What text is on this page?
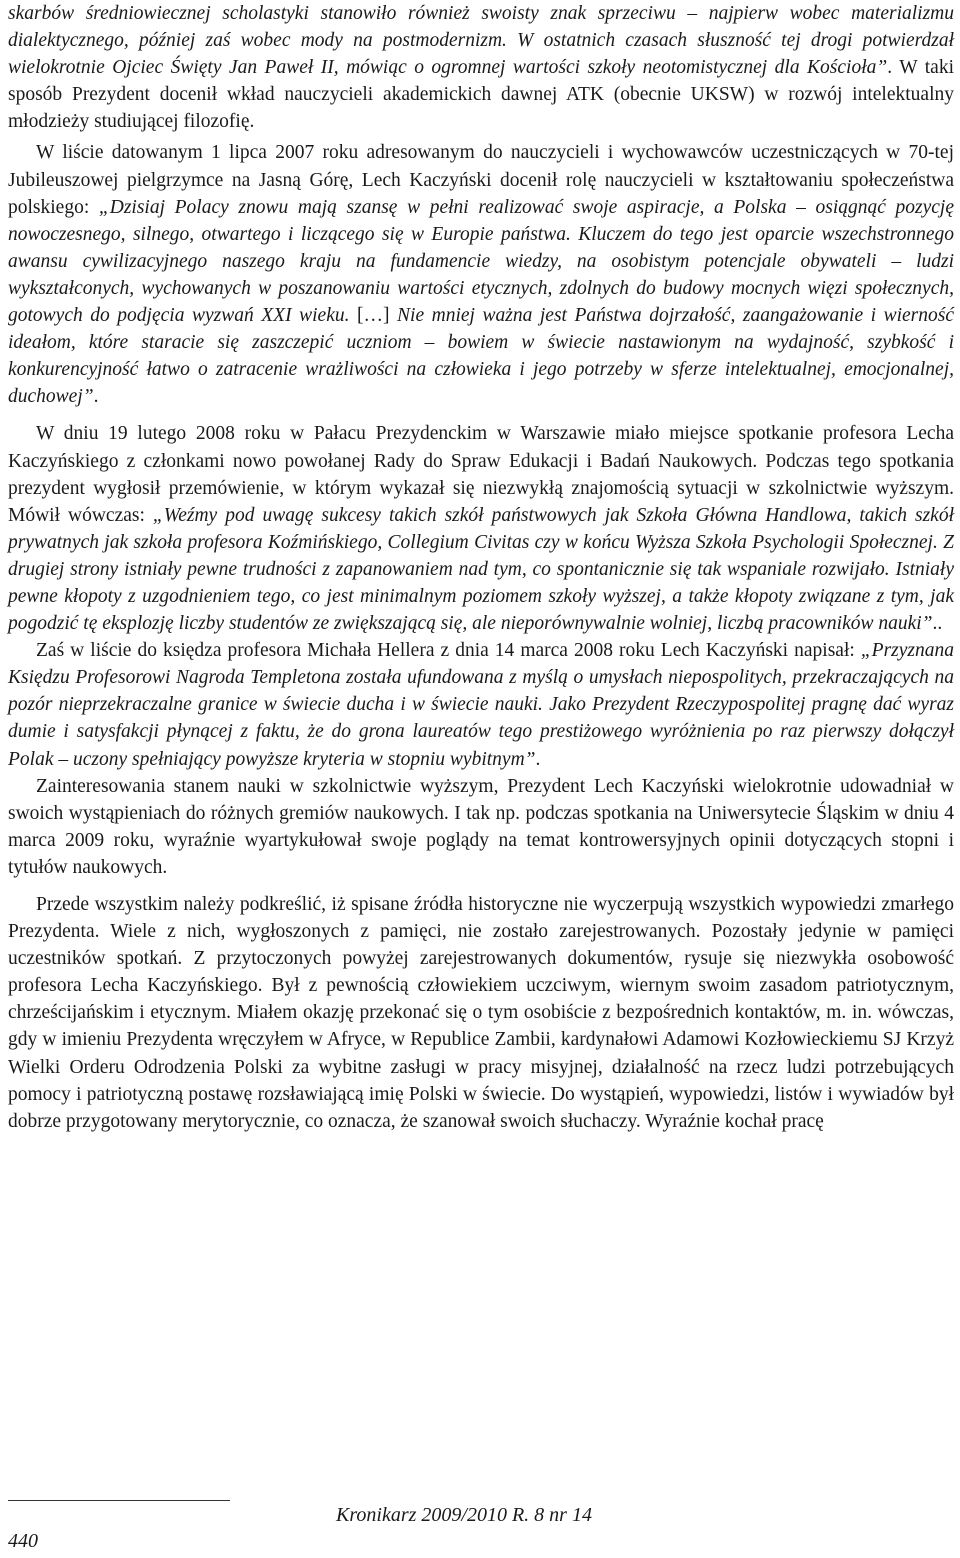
skarbów średniowiecznej scholastyki stanowiło również swoisty znak sprzeciwu – najpierw wobec materializmu dialektycznego, później zaś wobec mody na postmodernizm. W ostatnich czasach słuszność tej drogi potwierdzał wielokrotnie Ojciec Święty Jan Paweł II, mówiąc o ogromnej wartości szkoły neotomistycznej dla Kościoła”. W taki sposób Prezydent docenił wkład nauczycieli akademickich dawnej ATK (obecnie UKSW) w rozwój intelektualny młodzieży studiującej filozofię.

W liście datowanym 1 lipca 2007 roku adresowanym do nauczycieli i wychowawców uczestniczących w 70-tej Jubileuszowej pielgrzymce na Jasną Górę, Lech Kaczyński docenił rolę nauczycieli w kształtowaniu społeczeństwa polskiego: „Dzisiaj Polacy znowu mają szansę w pełni realizować swoje aspiracje, a Polska – osiągnąć pozycję nowoczesnego, silnego, otwartego i liczącego się w Europie państwa. Kluczem do tego jest oparcie wszechstronnego awansu cywilizacyjnego naszego kraju na fundamencie wiedzy, na osobistym potencjale obywateli – ludzi wykształconych, wychowanych w poszanowaniu wartości etycznych, zdolnych do budowy mocnych więzi społecznych, gotowych do podjęcia wyzwań XXI wieku. […] Nie mniej ważna jest Państwa dojrzałość, zaangażowanie i wierność ideałom, które staracie się zaszczepić uczniom – bowiem w świecie nastawionym na wydajność, szybkość i konkurencyjność łatwo o zatracenie wrażliwości na człowieka i jego potrzeby w sferze intelektualnej, emocjonalnej, duchowej”.

W dniu 19 lutego 2008 roku w Pałacu Prezydenckim w Warszawie miało miejsce spotkanie profesora Lecha Kaczyńskiego z członkami nowo powołanej Rady do Spraw Edukacji i Badań Naukowych. Podczas tego spotkania prezydent wygłosił przemówienie, w którym wykazał się niezwykłą znajomością sytuacji w szkolnictwie wyższym. Mówił wówczas: „Weźmy pod uwagę sukcesy takich szkół państwowych jak Szkoła Główna Handlowa, takich szkół prywatnych jak szkoła profesora Koźmińskiego, Collegium Civitas czy w końcu Wyższa Szkoła Psychologii Społecznej. Z drugiej strony istniały pewne trudności z zapanowaniem nad tym, co spontanicznie się tak wspaniale rozwijało. Istniały pewne kłopoty z uzgodnieniem tego, co jest minimalnym poziomem szkoły wyższej, a także kłopoty związane z tym, jak pogodzić tę eksplozję liczby studentów ze zwiększającą się, ale nieporównywalnie wolniej, liczbą pracowników nauki”..

Zaś w liście do księdza profesora Michała Hellera z dnia 14 marca 2008 roku Lech Kaczyński napisał: „Przyznana Księdzu Profesorowi Nagroda Templetona została ufundowana z myślą o umysłach niepospolitych, przekraczających na pozór nieprzekraczalne granice w świecie ducha i w świecie nauki. Jako Prezydent Rzeczypospolitej pragnę dać wyraz dumie i satysfakcji płynącej z faktu, że do grona laureatów tego prestiżowego wyróżnienia po raz pierwszy dołączył Polak – uczony spełniający powyższe kryteria w stopniu wybitnym”.

Zainteresowania stanem nauki w szkolnictwie wyższym, Prezydent Lech Kaczyński wielokrotnie udowadniał w swoich wystąpieniach do różnych gremiów naukowych. I tak np. podczas spotkania na Uniwersytecie Śląskim w dniu 4 marca 2009 roku, wyraźnie wyartykułował swoje poglądy na temat kontrowersyjnych opinii dotyczących stopni i tytułów naukowych.

Przede wszystkim należy podkreślić, iż spisane źródła historyczne nie wyczerpują wszystkich wypowiedzi zmarłego Prezydenta. Wiele z nich, wygłoszonych z pamięci, nie zostało zarejestrowanych. Pozostały jedynie w pamięci uczestników spotkań. Z przytoczonych powyżej zarejestrowanych dokumentów, rysuje się niezwykła osobowość profesora Lecha Kaczyńskiego. Był z pewnością człowiekiem uczciwym, wiernym swoim zasadom patriotycznym, chrześcijańskim i etycznym. Miałem okazję przekonać się o tym osobiście z bezpośrednich kontaktów, m. in. wówczas, gdy w imieniu Prezydenta wręczyłem w Afryce, w Republice Zambii, kardynałowi Adamowi Kozłowieckiemu SJ Krzyż Wielki Orderu Odrodzenia Polski za wybitne zasługi w pracy misyjnej, działalność na rzecz ludzi potrzebujących pomocy i patriotyczną postawę rozsławiającą imię Polski w świecie. Do wystąpień, wypowiedzi, listów i wywiadów był dobrze przygotowany merytorycznie, co oznacza, że szanował swoich słuchaczy. Wyraźnie kochał pracę

Kronikarz 2009/2010 R. 8 nr 14
440
